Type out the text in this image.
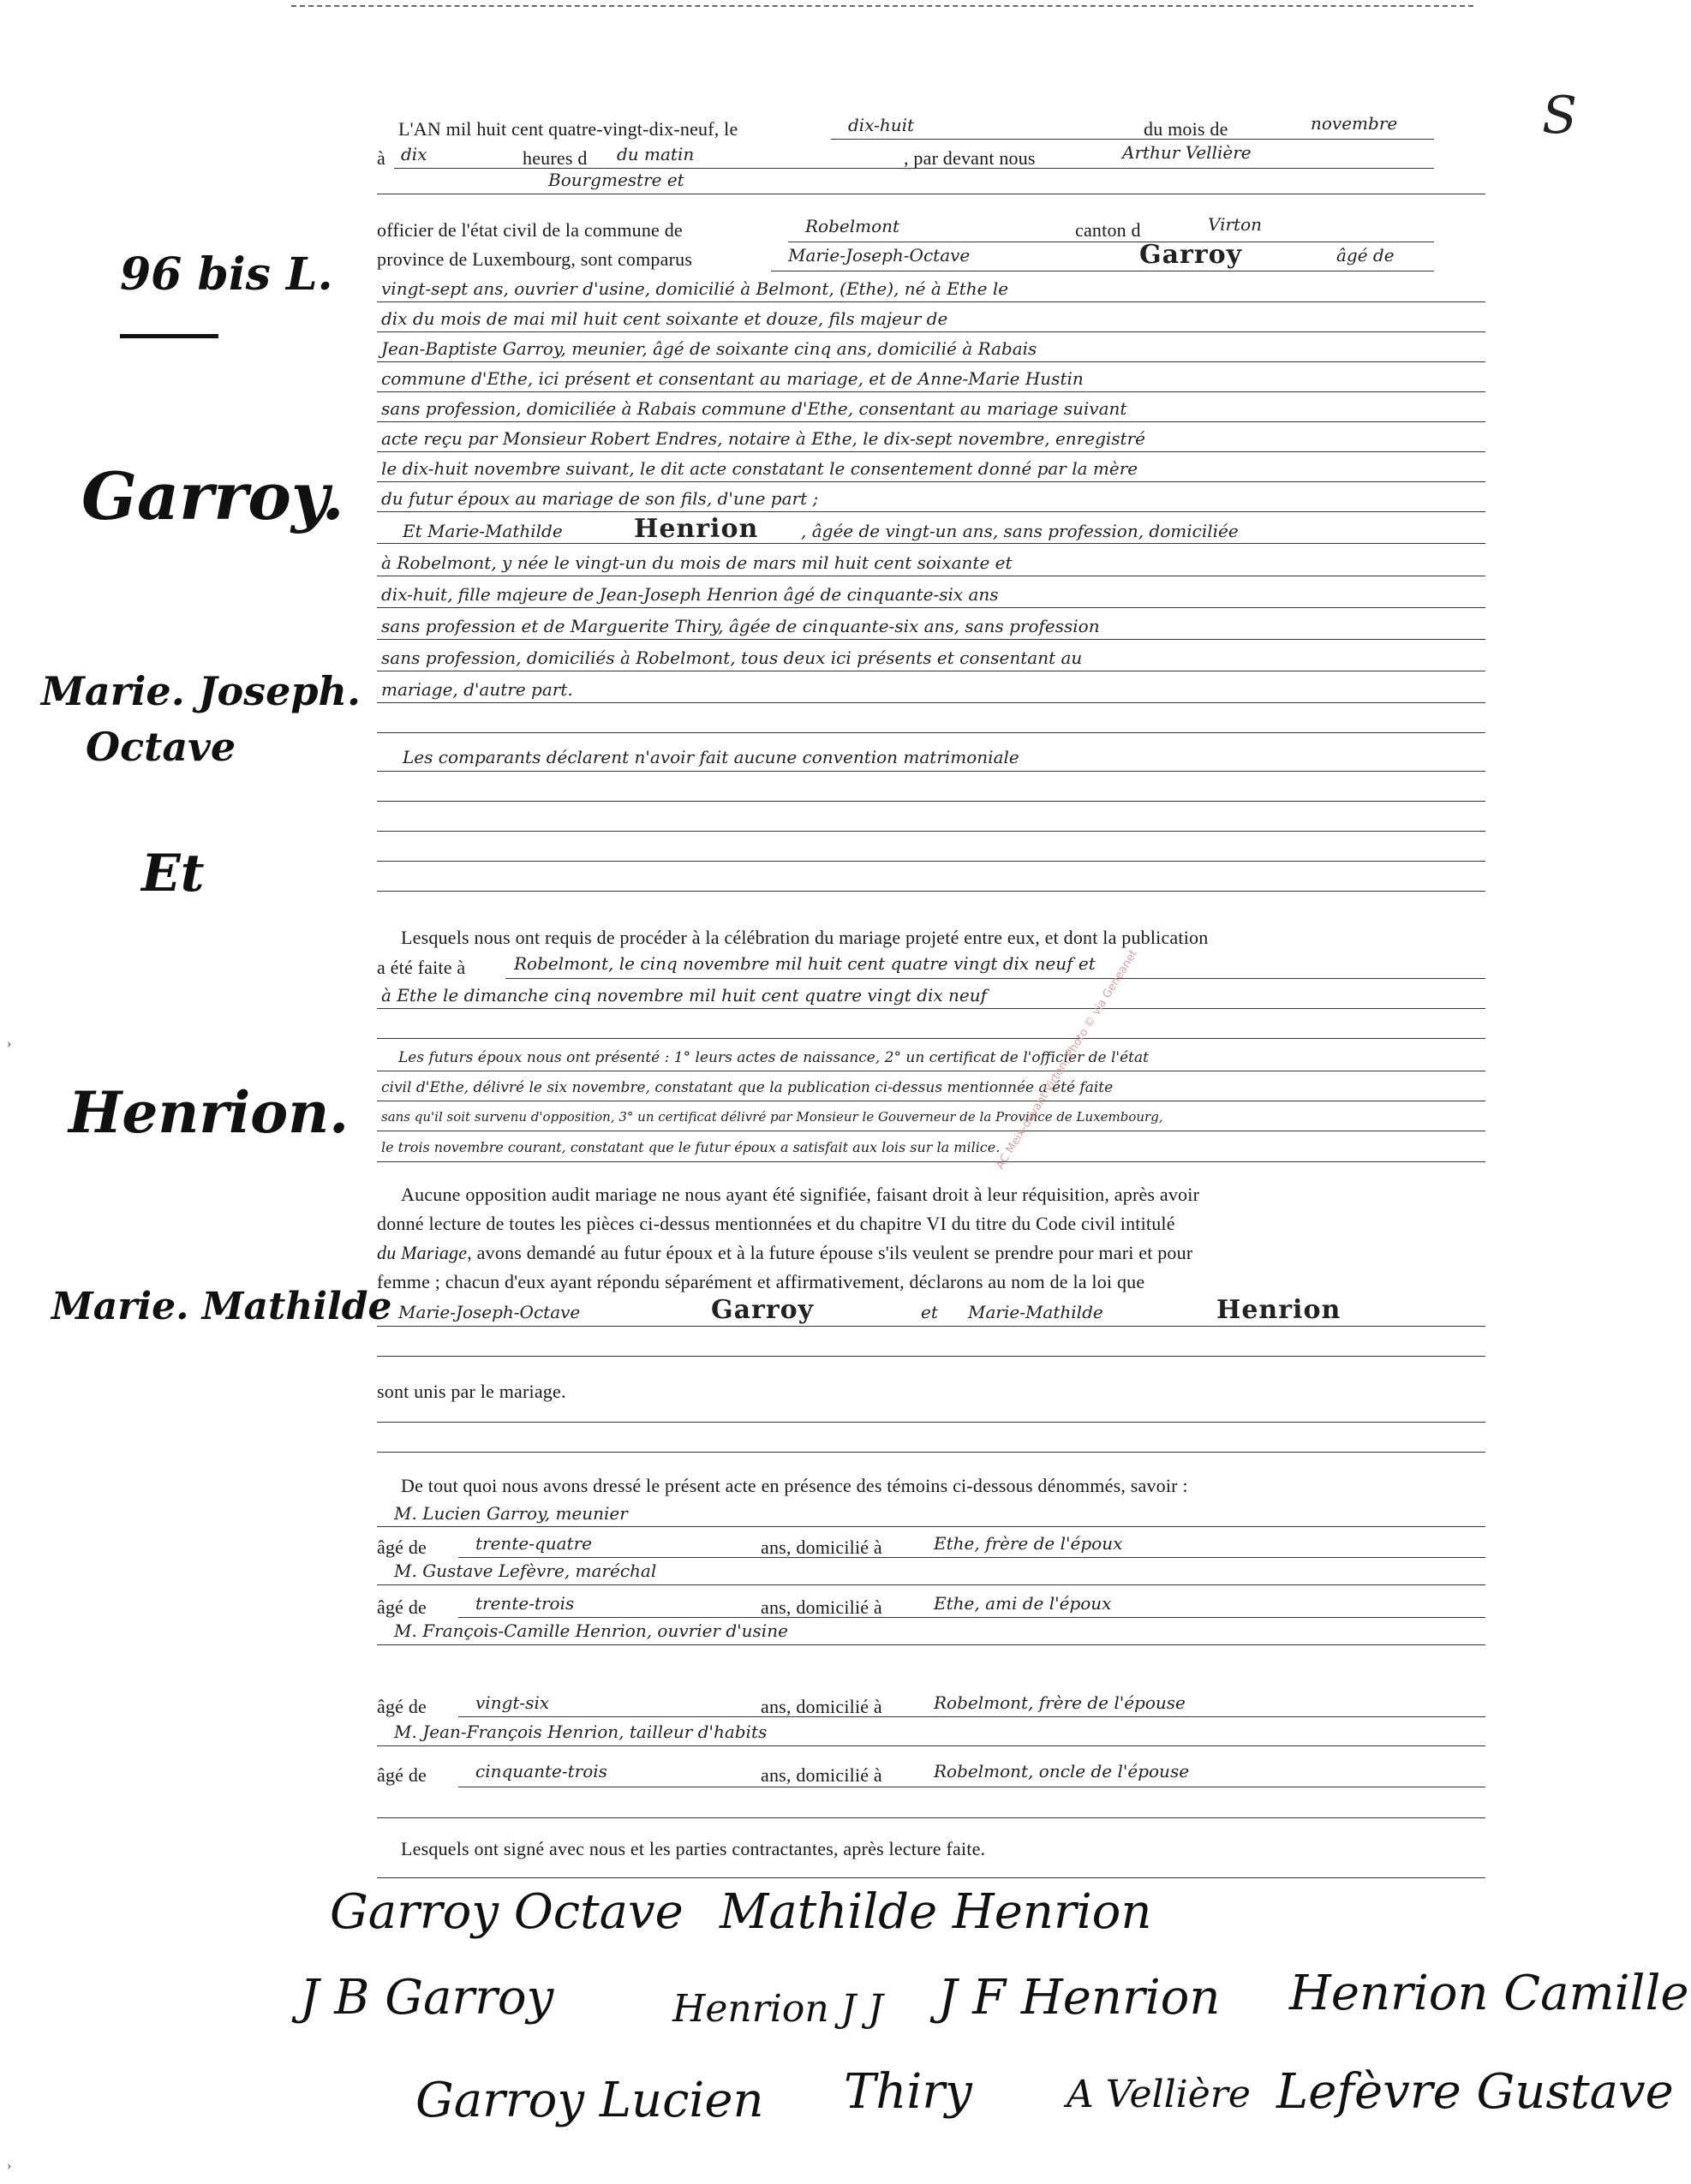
S
96 bis L.
Garroy.
Marie. Joseph.
Octave
Et
Henrion.
Marie. Mathilde
›
›
L'AN mil huit cent quatre-vingt-dix-neuf, le	dix-huit	du mois de	novembre
à dix	heures d du matin	, par devant nous	Arthur Vellière
Bourgmestre et
officier de l'état civil de la commune de	Robelmont	canton d	Virton
province de Luxembourg, sont comparus	Marie-Joseph-Octave	Garroy	âgé de
vingt-sept ans, ouvrier d'usine, domicilié à Belmont, (Ethe), né à Ethe le
dix du mois de mai mil huit cent soixante et douze, fils majeur de
Jean-Baptiste Garroy, meunier, âgé de soixante cinq ans, domicilié à Rabais
commune d'Ethe, ici présent et consentant au mariage, et de Anne-Marie Hustin
sans profession, domiciliée à Rabais commune d'Ethe, consentant au mariage suivant
acte reçu par Monsieur Robert Endres, notaire à Ethe, le dix-sept novembre, enregistré
le dix-huit novembre suivant, le dit acte constatant le consentement donné par la mère
du futur époux au mariage de son fils, d'une part ;
Et Marie-Mathilde	Henrion , âgée de vingt-un ans, sans profession, domiciliée
à Robelmont, y née le vingt-un du mois de mars mil huit cent soixante et
dix-huit, fille majeure de Jean-Joseph Henrion âgé de cinquante-six ans
sans profession et de Marguerite Thiry, âgée de cinquante-six ans, sans profession
sans profession, domiciliés à Robelmont, tous deux ici présents et consentant au
mariage, d'autre part.
Les comparants déclarent n'avoir fait aucune convention matrimoniale
Lesquels nous ont requis de procéder à la célébration du mariage projeté entre eux, et dont la publication
a été faite à	Robelmont, le cinq novembre mil huit cent quatre vingt dix neuf et
à Ethe le dimanche cinq novembre mil huit cent quatre vingt dix neuf
Les futurs époux nous ont présenté : 1° leurs actes de naissance, 2° un certificat de l'officier de l'état
civil d'Ethe, délivré le six novembre, constatant que la publication ci-dessus mentionnée a été faite
sans qu'il soit survenu d'opposition, 3° un certificat délivré par Monsieur le Gouverneur de la Province de Luxembourg,
le trois novembre courant, constatant que le futur époux a satisfait aux lois sur la milice.
Aucune opposition audit mariage ne nous ayant été signifiée, faisant droit à leur réquisition, après avoir
donné lecture de toutes les pièces ci-dessus mentionnées et du chapitre VI du titre du Code civil intitulé
du Mariage, avons demandé au futur époux et à la future épouse s'ils veulent se prendre pour mari et pour
femme ; chacun d'eux ayant répondu séparément et affirmativement, déclarons au nom de la loi que
Marie-Joseph-Octave	Garroy	et Marie-Mathilde	Henrion
sont unis par le mariage.
De tout quoi nous avons dressé le présent acte en présence des témoins ci-dessous dénommés, savoir :
M. Lucien Garroy, meunier
âgé de	trente-quatre	ans, domicilié à	Ethe, frère de l'époux
M. Gustave Lefèvre, maréchal
âgé de	trente-trois	ans, domicilié à	Ethe, ami de l'époux
M. François-Camille Henrion, ouvrier d'usine
âgé de	vingt-six	ans, domicilié à	Robelmont, frère de l'épouse
M. Jean-François Henrion, tailleur d'habits
âgé de	cinquante-trois	ans, domicilié à	Robelmont, oncle de l'épouse
Lesquels ont signé avec nous et les parties contractantes, après lecture faite.
Garroy Octave Mathilde Henrion
J B Garroy	Henrion J J J F Henrion Henrion Camille
Garroy Lucien Thiry	A Vellière Lefèvre Gustave
AC Meix-devant-Virton, Photo © via Geneanet
